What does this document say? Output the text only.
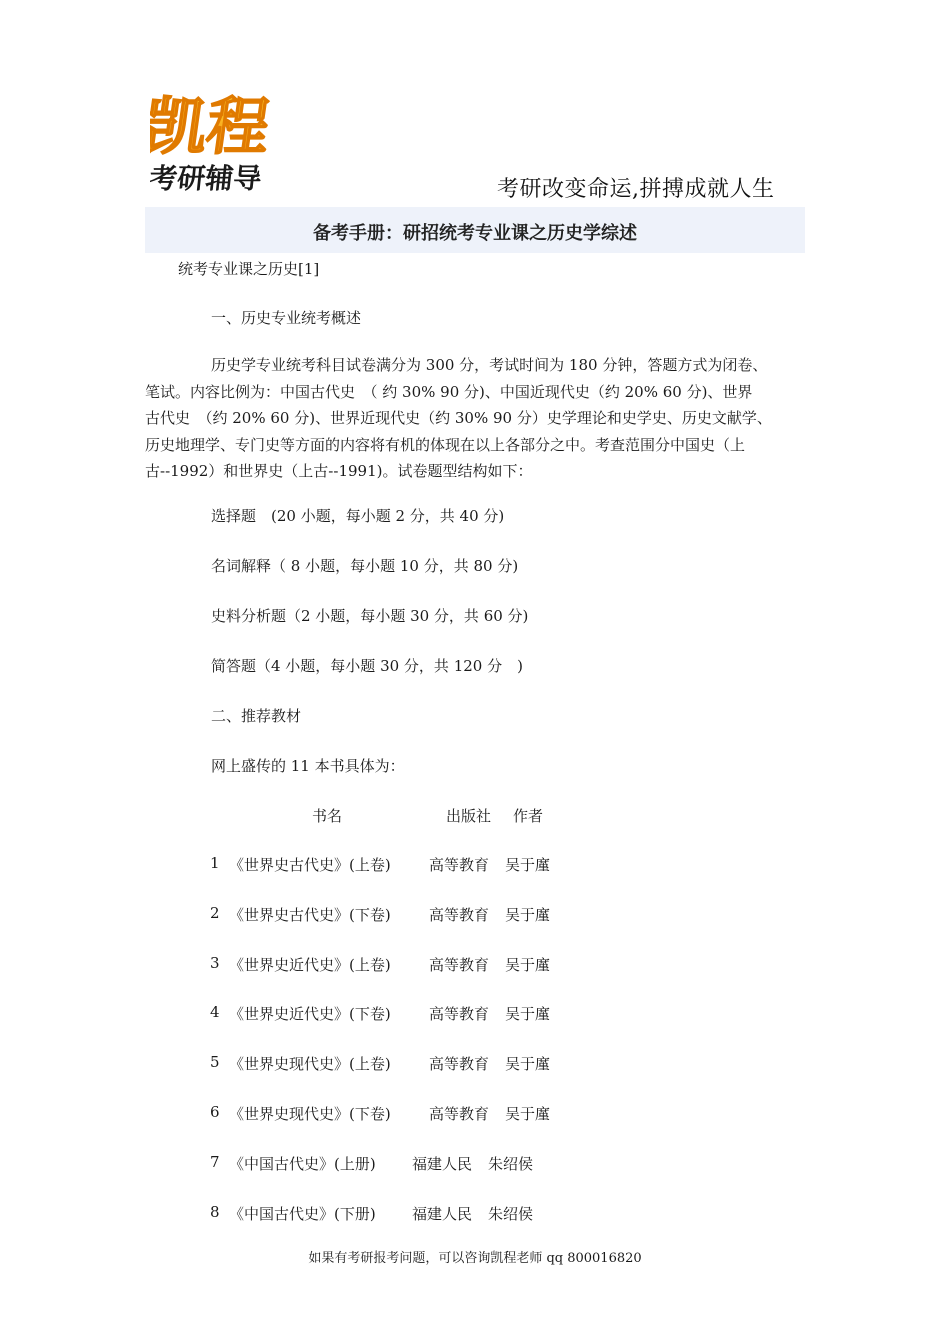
凯程
考研辅导	考研改变命运,拼搏成就人生
备考手册：研招统考专业课之历史学综述
统考专业课之历史[1]
一、历史专业统考概述
历史学专业统考科目试卷满分为 300 分，考试时间为 180 分钟，答题方式为闭卷、
笔试。内容比例为：中国古代史　（ 约 30% 90 分)、中国近现代史（约 20% 60 分)、世界
古代史　（约 20% 60 分)、世界近现代史（约 30% 90 分）史学理论和史学史、历史文献学、
历史地理学、专门史等方面的内容将有机的体现在以上各部分之中。考查范围分中国史（上
古--1992）和世界史（上古--1991)。试卷题型结构如下：
选择题　(20 小题，每小题 2 分，共 40 分)
名词解释（ 8 小题，每小题 10 分，共 80 分)
史料分析题（2 小题，每小题 30 分，共 60 分)
简答题（4 小题，每小题 30 分，共 120 分　)
二、推荐教材
网上盛传的 11 本书具体为：
书名	出版社 作者
1 《世界史古代史》(上卷)	高等教育 吴于廑
2 《世界史古代史》(下卷)	高等教育 吴于廑
3 《世界史近代史》(上卷)	高等教育 吴于廑
4 《世界史近代史》(下卷)	高等教育 吴于廑
5 《世界史现代史》(上卷)	高等教育 吴于廑
6 《世界史现代史》(下卷)	高等教育 吴于廑
7 《中国古代史》(上册) 福建人民 朱绍侯
8 《中国古代史》(下册) 福建人民 朱绍侯
如果有考研报考问题，可以咨询凯程老师 qq 800016820
